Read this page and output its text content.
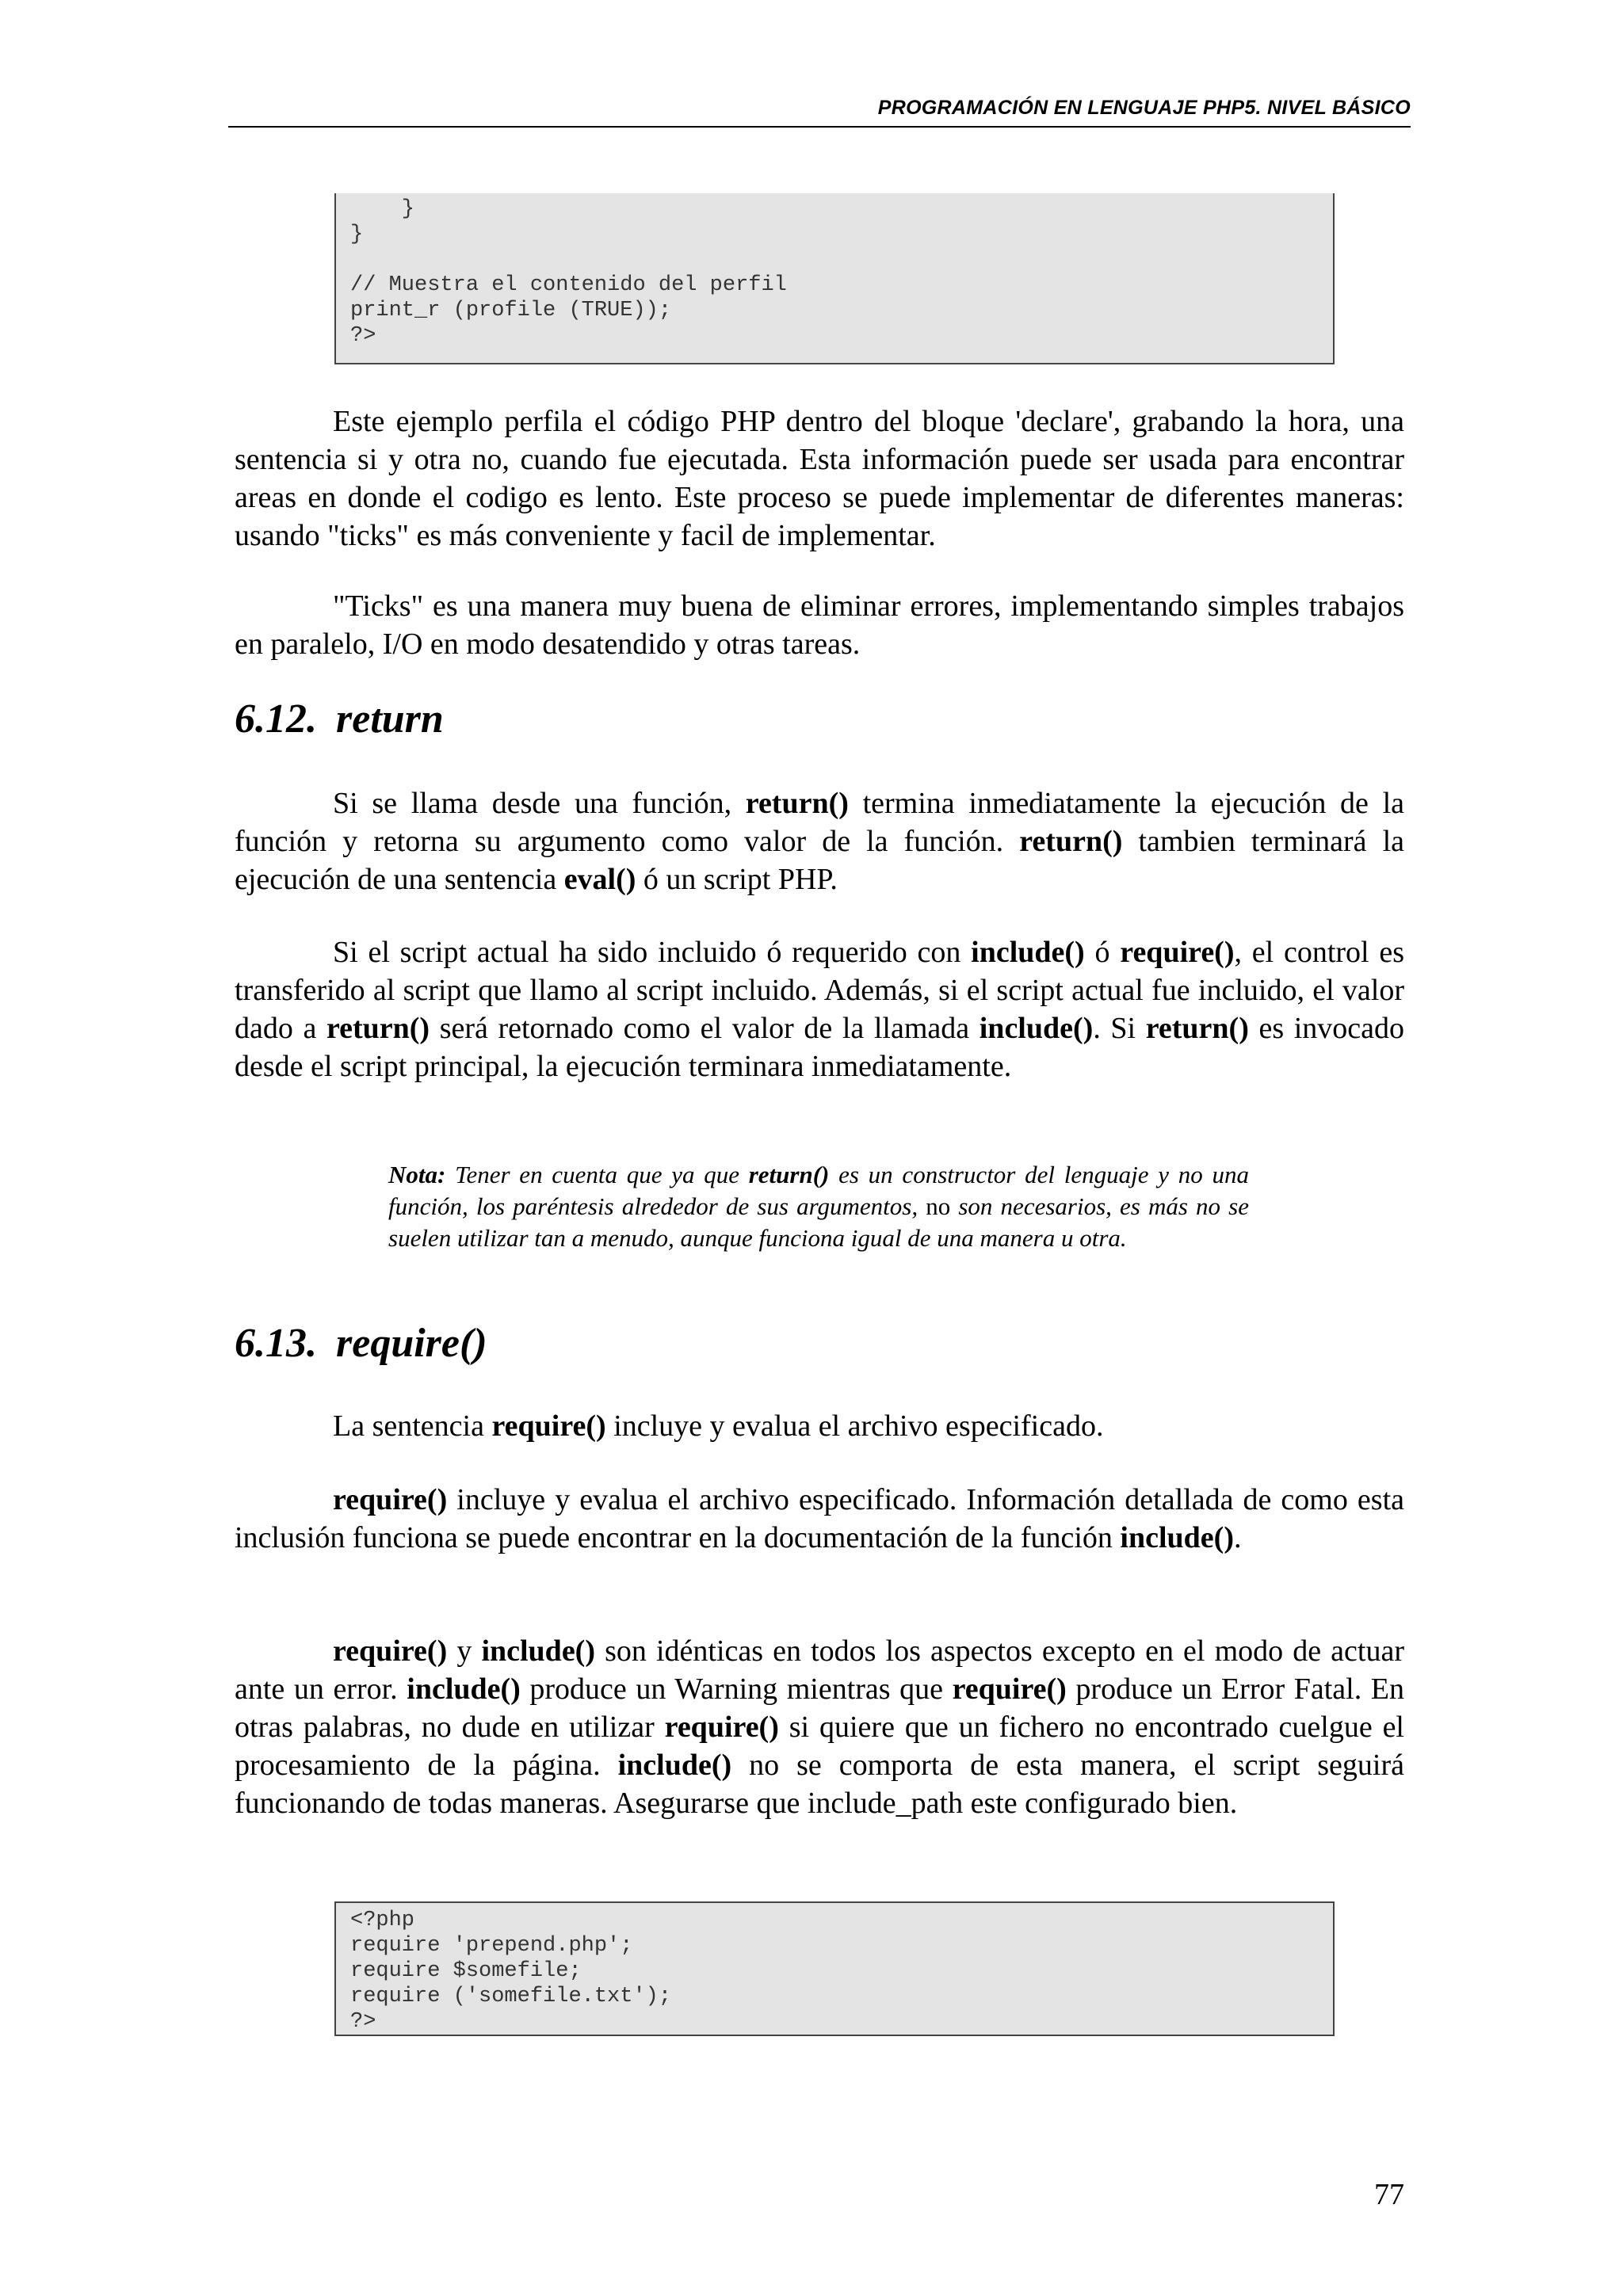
PROGRAMACIÓN EN LENGUAJE PHP5. NIVEL BÁSICO
}
}

// Muestra el contenido del perfil
print_r (profile (TRUE));
?>

Este ejemplo perfila el código PHP dentro del bloque 'declare', grabando la hora, una sentencia si y otra no, cuando fue ejecutada. Esta información puede ser usada para encontrar areas en donde el codigo es lento. Este proceso se puede implementar de diferentes maneras: usando "ticks" es más conveniente y facil de implementar.

"Ticks" es una manera muy buena de eliminar errores, implementando simples trabajos en paralelo, I/O en modo desatendido y otras tareas.

6.12. return

Si se llama desde una función, return() termina inmediatamente la ejecución de la función y retorna su argumento como valor de la función. return() tambien terminará la ejecución de una sentencia eval() ó un script PHP.

Si el script actual ha sido incluido ó requerido con include() ó require(), el control es transferido al script que llamo al script incluido. Además, si el script actual fue incluido, el valor dado a return() será retornado como el valor de la llamada include(). Si return() es invocado desde el script principal, la ejecución terminara inmediatamente.

Nota: Tener en cuenta que ya que return() es un constructor del lenguaje y no una función, los paréntesis alrededor de sus argumentos, no son necesarios, es más no se suelen utilizar tan a menudo, aunque funciona igual de una manera u otra.

6.13. require()

La sentencia require() incluye y evalua el archivo especificado.

require() incluye y evalua el archivo especificado. Información detallada de como esta inclusión funciona se puede encontrar en la documentación de la función include().

require() y include() son idénticas en todos los aspectos excepto en el modo de actuar ante un error. include() produce un Warning mientras que require() produce un Error Fatal. En otras palabras, no dude en utilizar require() si quiere que un fichero no encontrado cuelgue el procesamiento de la página. include() no se comporta de esta manera, el script seguirá funcionando de todas maneras. Asegurarse que include_path este configurado bien.

<?php
require 'prepend.php';
require $somefile;
require ('somefile.txt');
?>
77
